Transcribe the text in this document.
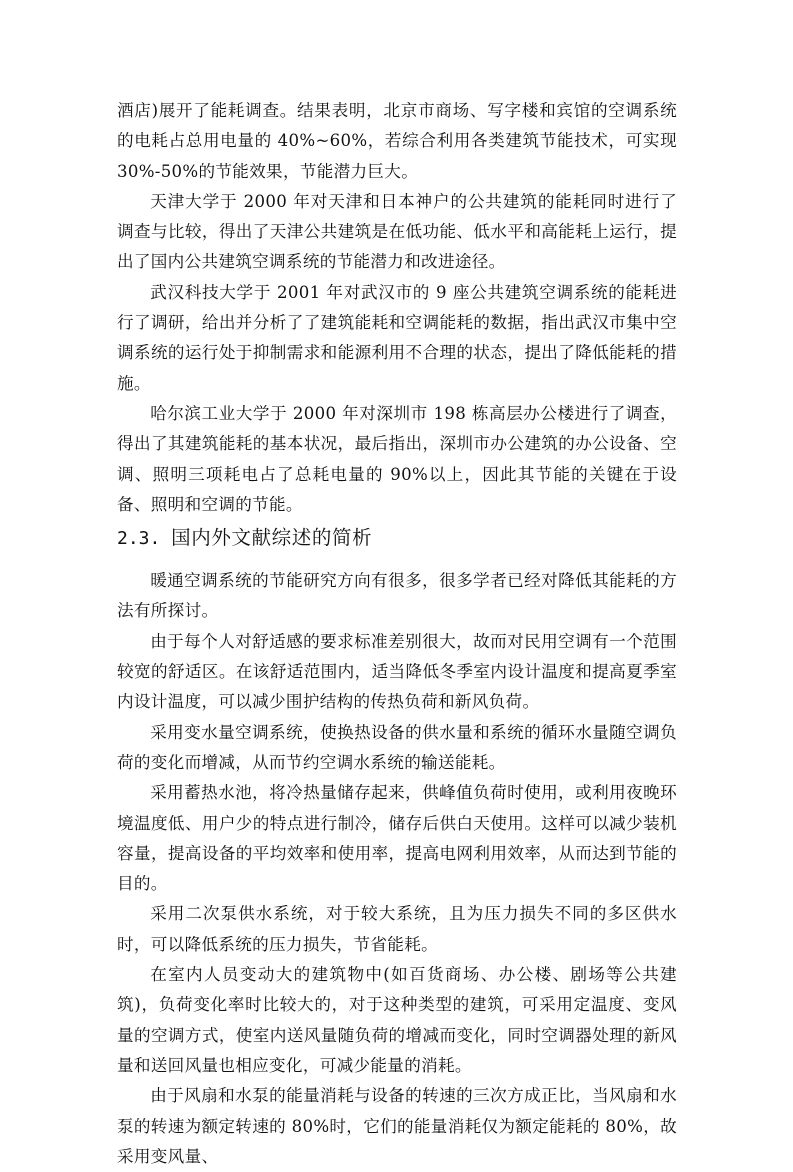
酒店)展开了能耗调查。结果表明，北京市商场、写字楼和宾馆的空调系统的电耗占总用电量的 40%~60%，若综合利用各类建筑节能技术，可实现 30%-50%的节能效果，节能潜力巨大。

天津大学于 2000 年对天津和日本神户的公共建筑的能耗同时进行了调查与比较，得出了天津公共建筑是在低功能、低水平和高能耗上运行，提出了国内公共建筑空调系统的节能潜力和改进途径。

武汉科技大学于 2001 年对武汉市的 9 座公共建筑空调系统的能耗进行了调研，给出并分析了了建筑能耗和空调能耗的数据，指出武汉市集中空调系统的运行处于抑制需求和能源利用不合理的状态，提出了降低能耗的措施。

哈尔滨工业大学于 2000 年对深圳市 198 栋高层办公楼进行了调查，得出了其建筑能耗的基本状况，最后指出，深圳市办公建筑的办公设备、空调、照明三项耗电占了总耗电量的 90%以上，因此其节能的关键在于设备、照明和空调的节能。

2.3. 国内外文献综述的简析

暖通空调系统的节能研究方向有很多，很多学者已经对降低其能耗的方法有所探讨。

由于每个人对舒适感的要求标准差别很大，故而对民用空调有一个范围较宽的舒适区。在该舒适范围内，适当降低冬季室内设计温度和提高夏季室内设计温度，可以减少围护结构的传热负荷和新风负荷。

采用变水量空调系统，使换热设备的供水量和系统的循环水量随空调负荷的变化而增减，从而节约空调水系统的输送能耗。

采用蓄热水池，将冷热量储存起来，供峰值负荷时使用，或利用夜晚环境温度低、用户少的特点进行制冷，储存后供白天使用。这样可以减少装机容量，提高设备的平均效率和使用率，提高电网利用效率，从而达到节能的目的。

采用二次泵供水系统，对于较大系统，且为压力损失不同的多区供水时，可以降低系统的压力损失，节省能耗。

在室内人员变动大的建筑物中(如百货商场、办公楼、剧场等公共建筑)，负荷变化率时比较大的，对于这种类型的建筑，可采用定温度、变风量的空调方式，使室内送风量随负荷的增减而变化，同时空调器处理的新风量和送回风量也相应变化，可减少能量的消耗。

由于风扇和水泵的能量消耗与设备的转速的三次方成正比，当风扇和水泵的转速为额定转速的 80%时，它们的能量消耗仅为额定能耗的 80%，故采用变风量、
